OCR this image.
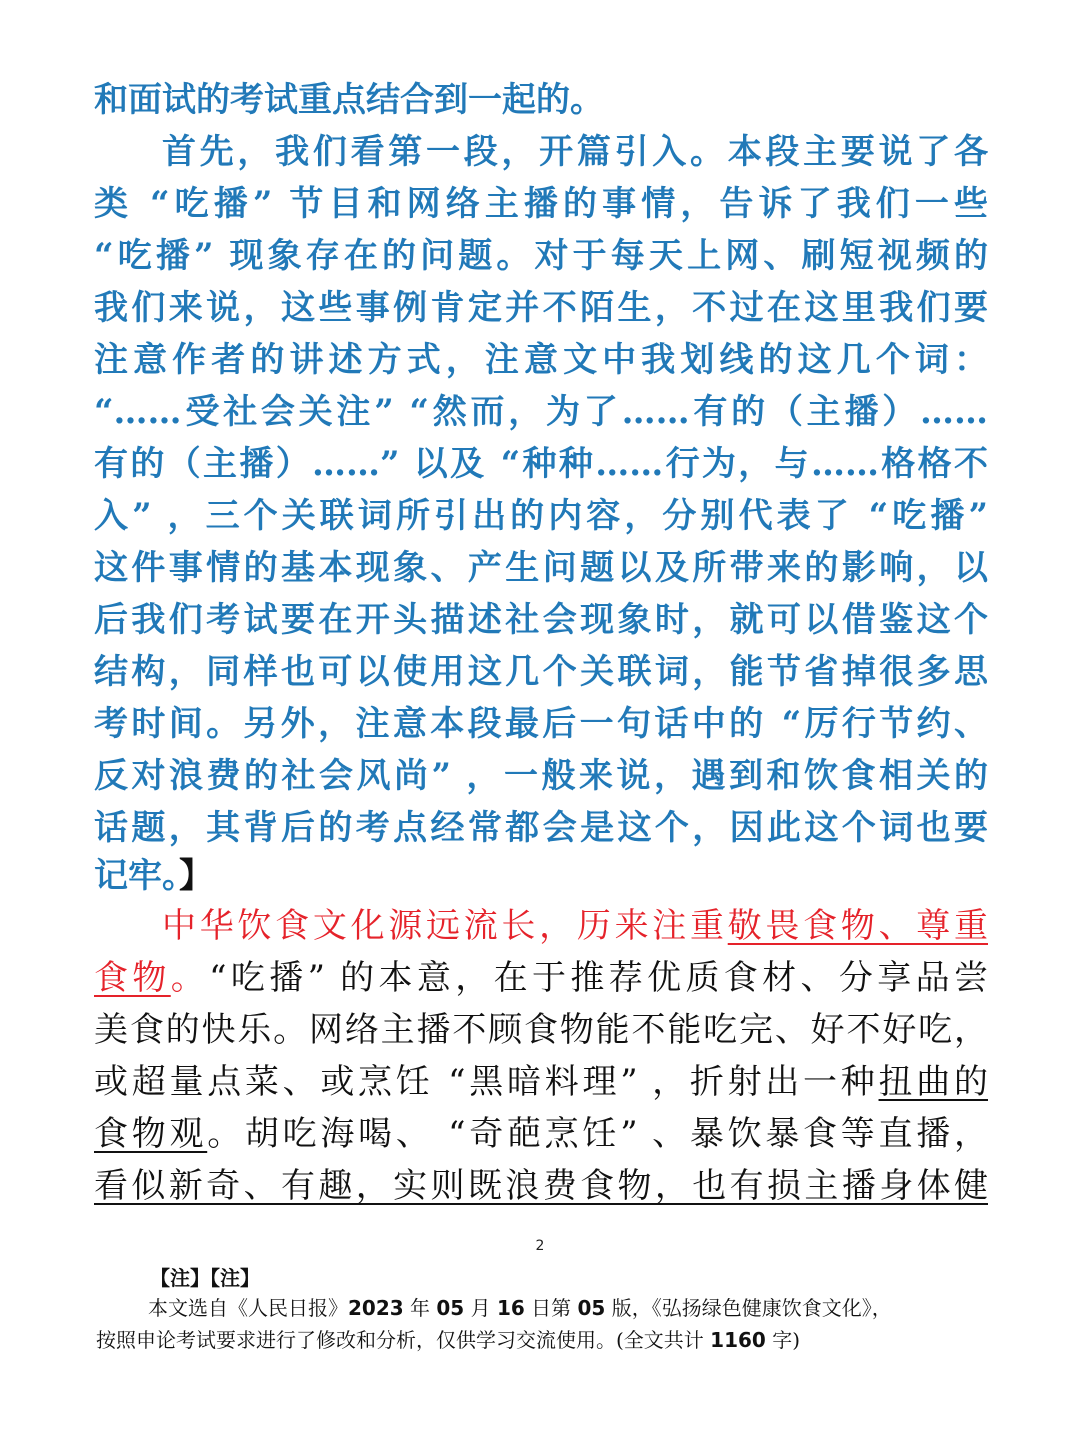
和面试的考试重点结合到一起的。
首先，我们看第一段，开篇引入。本段主要说了各
类 “吃播” 节目和网络主播的事情，告诉了我们一些
“吃播” 现象存在的问题。对于每天上网、刷短视频的
我们来说，这些事例肯定并不陌生，不过在这里我们要
注意作者的讲述方式，注意文中我划线的这几个词：
“……受社会关注” “然而，为了……有的（主播）……
有的（主播）……” 以及 “种种……行为，与……格格不
入” ，三个关联词所引出的内容，分别代表了 “吃播”
这件事情的基本现象、产生问题以及所带来的影响，以
后我们考试要在开头描述社会现象时，就可以借鉴这个
结构，同样也可以使用这几个关联词，能节省掉很多思
考时间。另外，注意本段最后一句话中的 “厉行节约、
反对浪费的社会风尚” ，一般来说，遇到和饮食相关的
话题，其背后的考点经常都会是这个，因此这个词也要
记牢。】
中华饮食文化源远流长，历来注重敬畏食物、尊重
食物。“吃播” 的本意，在于推荐优质食材、分享品尝
美食的快乐。网络主播不顾食物能不能吃完、好不好吃，
或超量点菜、或烹饪 “黑暗料理” ，折射出一种扭曲的
食物观。胡吃海喝、 “奇葩烹饪” 、暴饮暴食等直播，
看似新奇、有趣，实则既浪费食物，也有损主播身体健
2
【注】【注】
本文选自《人民日报》2023 年 05 月 16 日第 05 版，《弘扬绿色健康饮食文化》，
按照申论考试要求进行了修改和分析，仅供学习交流使用。(全文共计 1160 字)
